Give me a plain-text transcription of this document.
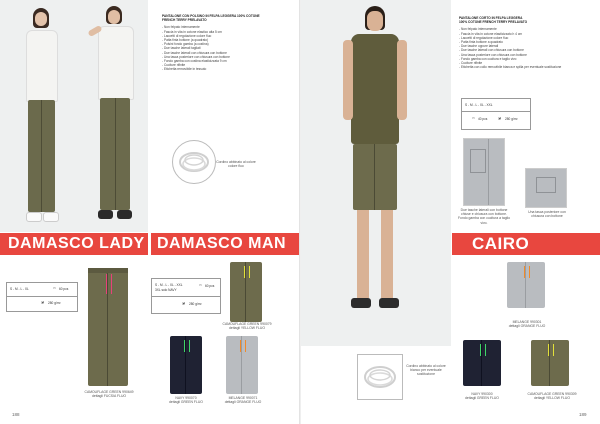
PANTALONE CON POLSINO IN FELPA LEGGERA 100% COTONE
FRENCH TERRY PRELAVATO
- Non felpato internamente
- Fascia in vita in cotone elastico alta 5 cm
- Laccetti di regolazione colore fluo
- Patta finta bottone (a quadrato)
- Polsini fondo gamba (a costina)
- Due tasche laterali tagliati
- Due tasche laterali con chiusura con bottone
- Una tasca posteriore con chiusura con bottone
- Fondo gamba con costina elasticizzata 9 cm
- Cuciture rifinite
- Etichetta removibile in tessuto
Cordino abbinato al colore
colore fluo
DAMASCO LADY DAMASCO MAN
S - M - L - XL	▭ 60 pcs
◪ 280 g/m²
CAMOUFLAGE GREEN 990649
dettagli FUCSIA FLUO
S - M - L - XL - XXL
3XL solo NAVY
▭ 60 pcs
◪ 280 g/m²
CAMOUFLAGE GREEN 990079
dettagli YELLOW FLUO
NAVY 990070
dettagli GREEN FLUO
MELANGE 990071
dettagli ORANGE FLUO
188
PANTALONE CORTO IN FELPA LEGGERA
100% COTONE FRENCH TERRY PRELAVATO
- Non felpato internamente
- Fascia in vita in cotone elasticizzato h 4 cm
- Laccetti di regolazione colore fluo
- Patta finta bottone a quadrato
- Due tasche oppure laterali
- Due tasche laterali con chiusura con bottone
- Una tasca posteriore con chiusura con bottone
- Fondo gamba con cucitura e taglio vivo
- Cuciture rifinite
- Etichetta con collo removibile bianca e spilla per eventuale sostituzione
S - M - L - XL - XXL
▭ 40 pcs	◪ 280 g/m²
Due tasche laterali con bottone chiuse e chiusura con bottone. Fondo gamba con cucitura a taglio vivo.
Una tasca posteriore con chiusura con bottone
CAIRO
Cordino abbinato al colore
bianco per eventuale
sostituzione
MELANGE 990301
dettagli ORANGE FLUO
NAVY 990300
dettagli GREEN FLUO
CAMOUFLAGE GREEN 990309
dettagli YELLOW FLUO
189
